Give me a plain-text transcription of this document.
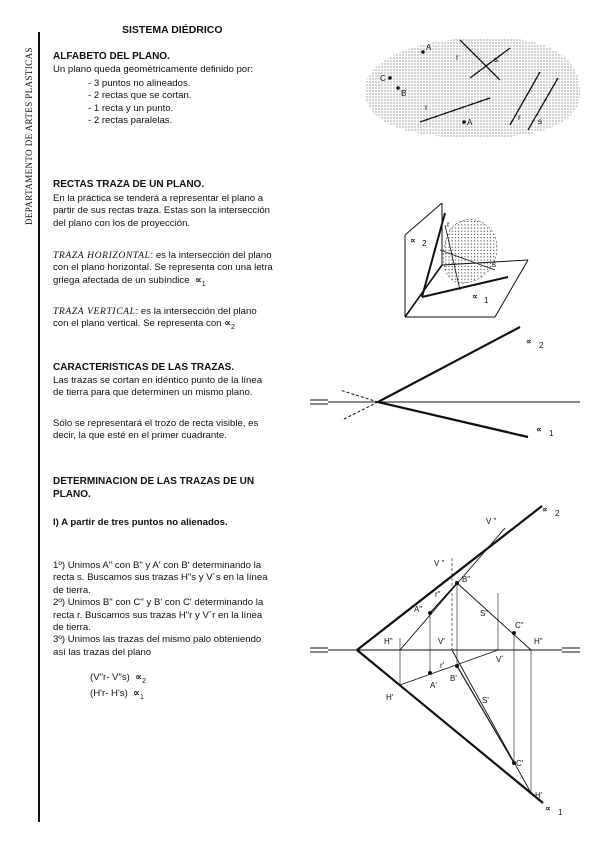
DEPARTAMENTO DE ARTES PLASTICAS
SISTEMA DIÉDRICO
ALFABETO DEL PLANO.
Un plano queda geométricamente definido por:
- 3 puntos no alineados.
- 2 rectas que se cortan.
- 1 recta y un punto.
- 2 rectas paralelas.
RECTAS TRAZA DE UN PLANO.
En la práctica se tenderá a representar el plano a
partir de sus rectas traza. Estas son la intersección
del plano con los de proyección.
TRAZA HORIZONTAL: es la intersección del plano
con el plano horizontal. Se representa con una letra
griega afectada de un subíndice $\propto_1$
TRAZA VERTICAL: es la intersección del plano
con el plano vertical. Se representa con $\propto_2$
CARACTERISTICAS DE LAS TRAZAS.
Las trazas se cortan en idéntico punto de la línea
de tierra para que determinen un mismo plano.
Sólo se representará el trozo de recta visible, es
decir, la que esté en el primer cuadrante.
DETERMINACION DE LAS TRAZAS DE UN
PLANO.
I) A partir de tres puntos no alienados.
1º) Unimos A" con B" y A' con B' determinando la
recta s. Buscamos sus trazas H"s y V´s en la línea
de tierra.
2º) Unimos B" con C" y B' con C' determinando la
recta r. Buscamos sus trazas H"r y V´r en la línea
de tierra.
3º) Unimos las trazas del mismo palo obteniendo
así las trazas del plano
(V"r- V"s) $\propto_2$
(H'r- $H's) \propto_1$
A
C
B
r	s
r
A
r s
r
s
∝ 2
∝ 1
∝ 2
∝ 1
V "
V "
B"
r"
A"	S"
C"
H"	V'	H"
V´
r'
A'
B'
H'	S'
C'
H'
∝ 2
∝ 1
